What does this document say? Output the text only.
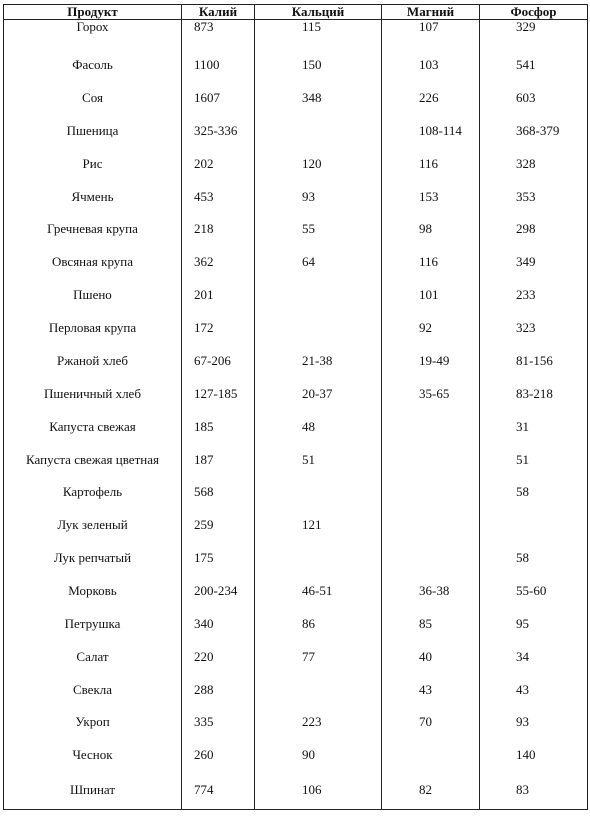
Продукт	Калий	Кальций	Магний	Фосфор
Горох	873	115	107	329
Фасоль	1100	150	103	541
Соя	1607	348	226	603
Пшеница	325-336		108-114	368-379
Рис	202	120	116	328
Ячмень	453	93	153	353
Гречневая крупа	218	55	98	298
Овсяная крупа	362	64	116	349
Пшено	201		101	233
Перловая крупа	172		92	323
Ржаной хлеб	67-206	21-38	19-49	81-156
Пшеничный хлеб	127-185	20-37	35-65	83-218
Капуста свежая	185	48		31
Капуста свежая цветная	187	51		51
Картофель	568			58
Лук зеленый	259	121		
Лук репчатый	175			58
Морковь	200-234	46-51	36-38	55-60
Петрушка	340	86	85	95
Салат	220	77	40	34
Свекла	288		43	43
Укроп	335	223	70	93
Чеснок	260	90		140
Шпинат	774	106	82	83
